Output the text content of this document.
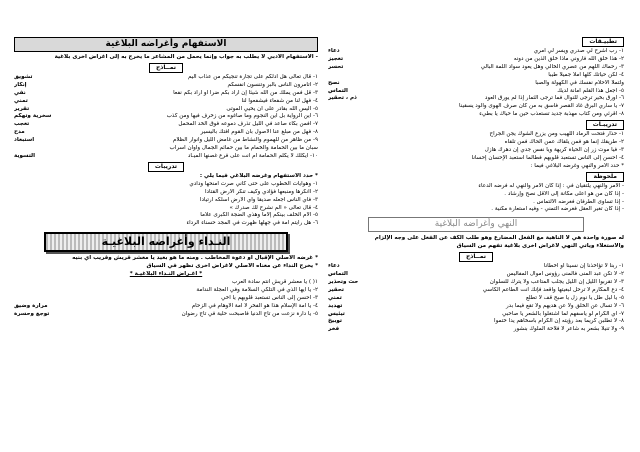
تطبيـقات
١- رب اشرح لي صدري ويسر لي أمري
دعاء
٢- هذا خلق الله فأروني ماذا خلق الذين من دونه
تعجيز
٣- رحماك اللهم من عصري الخالي وهل يعود سواد اللمة البالي
تحسر
٤- لكن حياتك كلها أملاً جميلاً طيباً
ولتملأ الأحلام نفسك في الكهولة والصبا
نصح
٥- اجعل هذا القلم أمانة لديك
التماس
٦- أورق بخير ترجى للنوال فما ترجى الثمار إذا لم يورق العود
ذم ، تحقير
٧- يا ساري البرق غاد القصر فاسق به من كان صرف الهوى والود يسقينا
٨- اقرئي ومن كتاب مهذبة جديد تستعذب حين ما حياك يا بطيء
تدريبـات
١- حذار فتحت الرماد اللهيب ومن يزرع الشوك يجن الجراح
٢- طريقك إنما هو فمن يلقاك عمن ألحاك فمن تلقاه
٣- فيا موت زر إن الحياة كريهة ويا نفس جدي إن دهرك هازل
٤- احسن إلى الناس تستعبد قلوبهم فطالما استعبد الإحسان إحسانا
* حدد الأمر والنهي وغرضه البلاغي فيما :
ملحوظة
- الأمر والنهي يلتقيان في : إذا كان الأمر والنهي له فرضه الدعاء
- إذا كان من هو أعلى مكانة إلى الأقل نصح وإرشاد .
- إذا تساوى الطرفان فغرضه الالتماس .
- إذا كان تغير العقل فغرضه التمني - وفيه استعارة مكنية .
النهي وأغراضه البلاغية
له صورة واحدة هي لا الناهية مع الفعل المضارع وهو طلب الكف عن الفعل على وجه الإلزام
والاستعلاء ويأتي النهي لأغراض أخرى بلاغية تفهم من السياق
نمــاذج
١- ربنا لا تؤاخذنا إن نسينا أو أخطأنا
دعاء
٢- لا تكن عبد المنى فالمنى رؤوس أموال المفاليس
التماس
٣- لا تقربوا الليل إن الليل يجلب المتاعب ولا يترك للسلوان
حث وتحذير
٤- دع المكارم لا ترحل لبغيتها واقعد فإنك أنت الطاعم الكاسي
تحقير
٥- يا ليل طل يا نوم زل يا صبح قف لا تطلع
تمني
٦- لا تسأل عن الخلق ولا عن هديهم ولا تقع فيما بدر
تهديد
٧- أي الكرام لو يأسفهم لما اشتغلوا بالشعر يا صاحبي
تيئيس
٨- لا تطلبن كريما بعد رؤيته إن الكرام بأسخاهم يدا ختموا
توبيخ
٩- ولا تنيلا بشعر به شاعر لا فلاحة الملوك بنشور
فخر
الاستفهام وأغراضه البلاغية
- الاستفهام الأدبي لا يطلب به جواب وإنما يحمل من المشاعر ما يخرج به إلى أغراض أخرى بلاغية
نمــاذج
١- قال تعالى هل أدلكم على تجارة تنجيكم من عذاب أليم
تشويق
٢- أتأمرون الناس بالبر وتنسون أنفسكم
إنكار
٣- قل فمن يملك من الله شيئاً إن أراد بكم ضراً أو أراد بكم نفعاً
نفي
٤- فهل لنا من شفعاء فيشفعوا لنا
تمني
٥- أليس الله بقادر على أن يحيي الموتى
تقرير
٦- أين الرواية بل أين النجوم وما صاغوه من زخرف فيها ومن كذب
سخرية وتهكم
٧- أفمن بكاء صاعد في الليل تذرف دموعه فوق الخد المحمل
تعجب
٨- فهل من مبلغ عنا الأصول بأن القوم آفتك باليسير
مدح
٩- من ظاهر من للهموم والنشاط من غامض الليل وأنوار الظلام
استبعاد
سبان ما بين الحمامة والخمام ما بين حمائم الجمال وأوان أسراب
١٠- أيكلك لا يكلم الحمامة أم انت على فرع غصنها الميـاد
التسوية
تدريبات
* حدد الاستفهام وغرضه البلاغي فيما يلي :
١- وهوايات الخطوب على حتى كأني صرت أمنحها ودادي
٢- أأنكرها ومنبعها فؤادي وكيف تنكر الأرض القتادا
٣- فأي الناس أجعله صديقا وأي الأرض أسلكه ارتيادا
٤- قال تعالى « ألم نشرح لك صدرك »
٥- ألام الخلف بينكم إلاما وهذي الضجة الكبرى علاما
٦- هل رأيتم أمة في جهلها ظهرت في المجد حسناء الرداء
النـداء وأغراضه البلاغيـة
* غرضه الأصلي الإقبال أو دعوة المخاطب . ومنه ما هو بعيد يا معشر قريش وقريب أي بنيه
* يخرج النداء عن معناه الأصلي لأغراض أخرى تظهر في السياق
* أغـراض النـداء البلاغيـة *
١( ) يا معشر قريش أنتم سادة العرب
٢- يا أيها الذي في التلكي السلامة وفي العجلة الندامة
٣- أحسن إلى الناس تستعبد قلوبهم يا أخي
٤- يا أمة الإسلام هذا هو الفخر لا أمة الأوهام في الزحام
مرارة وضيق
٥- يا دارة نزعت من تاج الدنيا فأصبحت حلية في تاج رضوان
توجع وحسرة
